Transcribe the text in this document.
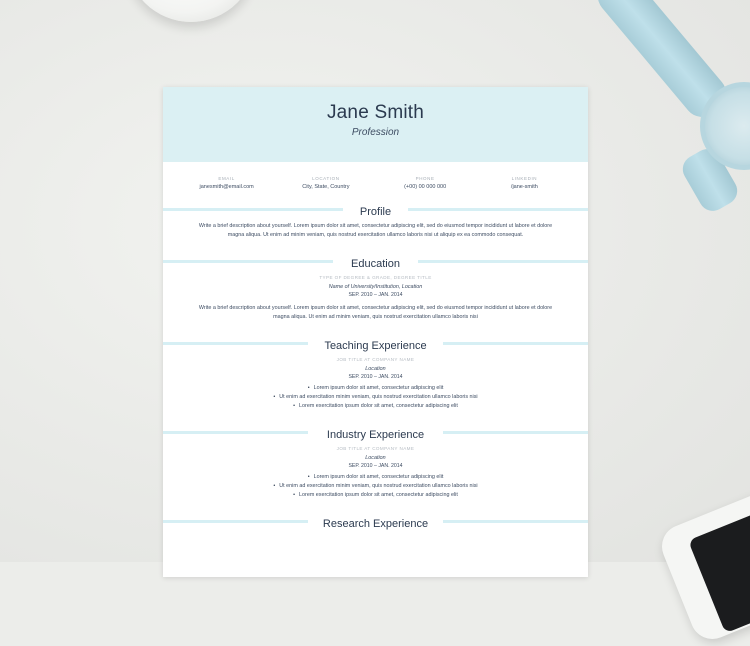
Jane Smith
Profession
EMAIL
janesmith@email.com
LOCATION
City, State, Country
PHONE
(+00) 00 000 000
LINKEDIN
/jane-smith
Profile
Write a brief description about yourself. Lorem ipsum dolor sit amet, consectetur adipiscing elit, sed do eiusmod tempor incididunt ut labore et dolore magna aliqua. Ut enim ad minim veniam, quis nostrud exercitation ullamco laboris nisi ut aliquip ex ea commodo consequat.
Education
TYPE OF DEGREE & GRADE, DEGREE TITLE
Name of University/Institution, Location
SEP. 2010 – JAN. 2014
Write a brief description about yourself. Lorem ipsum dolor sit amet, consectetur adipiscing elit, sed do eiusmod tempor incididunt ut labore et dolore magna aliqua. Ut enim ad minim veniam, quis nostrud exercitation ullamco laboris nisi
Teaching Experience
JOB TITLE AT COMPANY NAME
Location
SEP. 2010 – JAN. 2014
• Lorem ipsum dolor sit amet, consectetur adipiscing elit
• Ut enim ad exercitation minim veniam, quis nostrud exercitation ullamco laboris nisi
• Lorem exercitation ipsum dolor sit amet, consectetur adipiscing elit
Industry Experience
JOB TITLE AT COMPANY NAME
Location
SEP. 2010 – JAN. 2014
• Lorem ipsum dolor sit amet, consectetur adipiscing elit
• Ut enim ad exercitation minim veniam, quis nostrud exercitation ullamco laboris nisi
• Lorem exercitation ipsum dolor sit amet, consectetur adipiscing elit
Research Experience
